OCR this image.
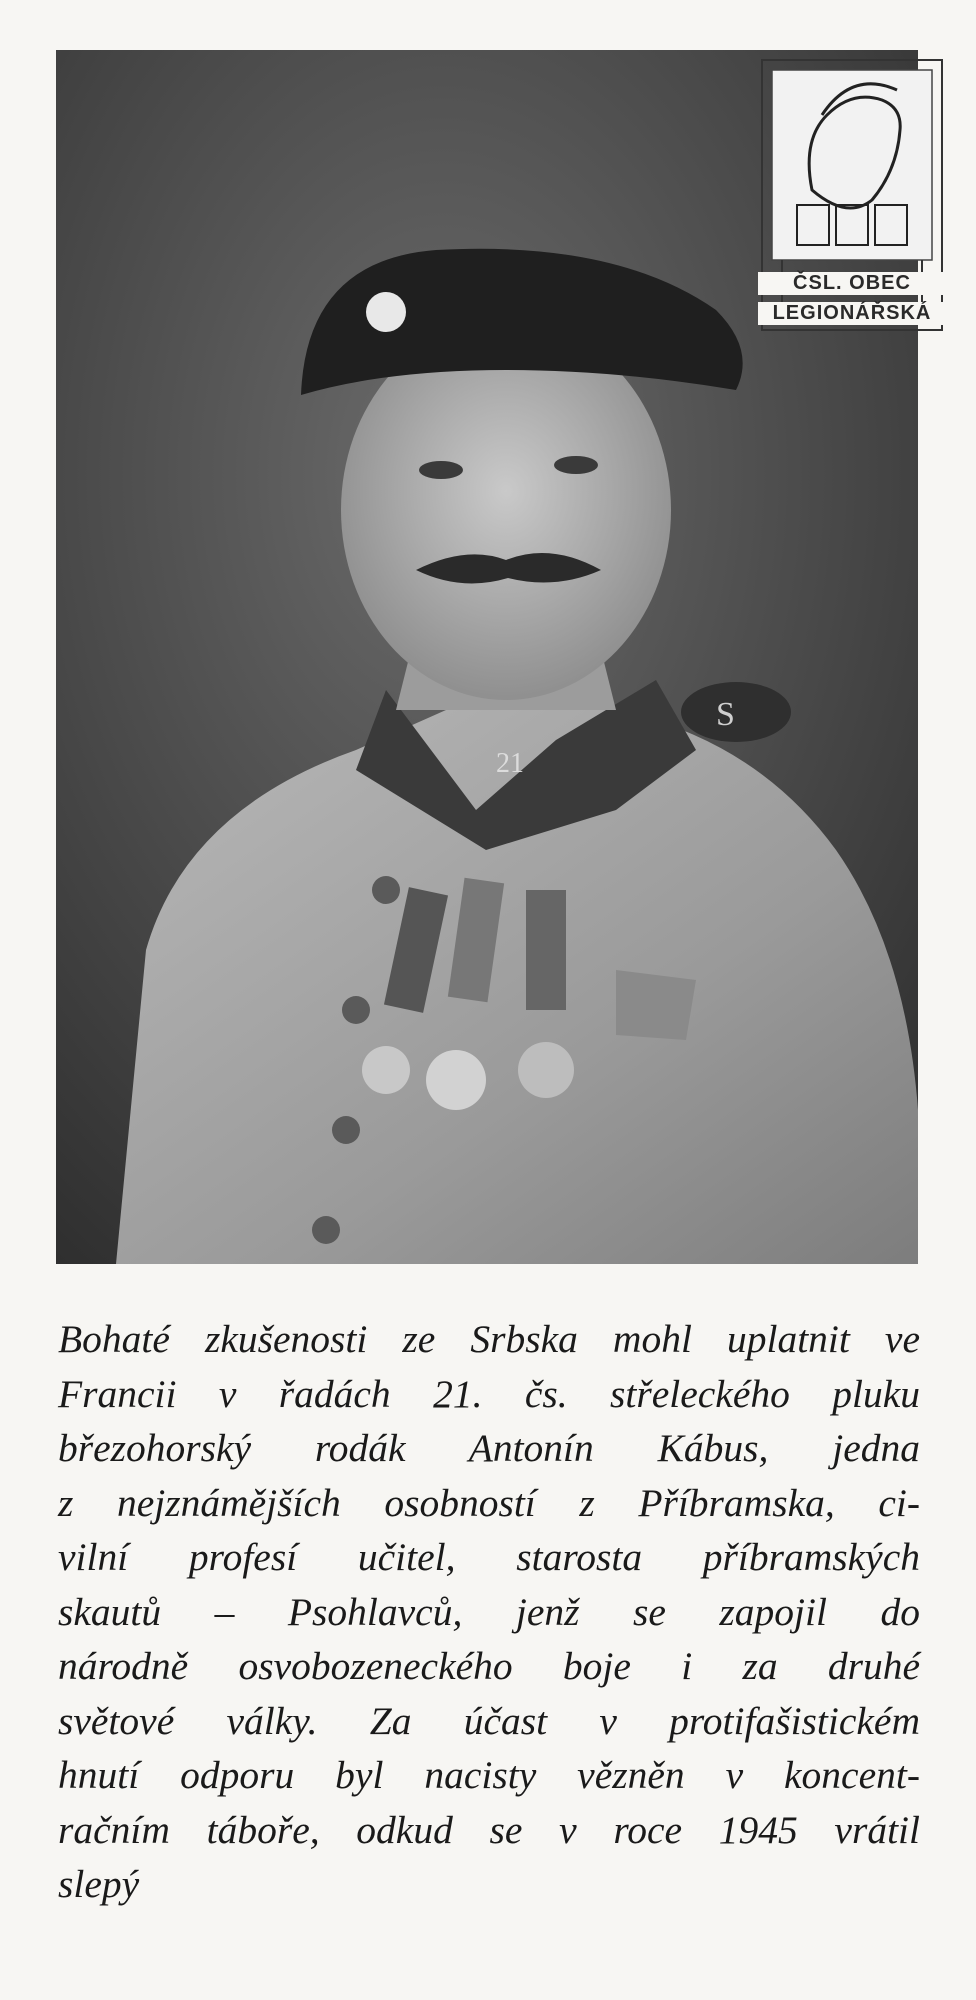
21
S
ČSL. OBEC
LEGIONÁŘSKÁ
Bohaté zkušenosti ze Srbska mohl uplatnit ve
Francii v řadách 21. čs. střeleckého pluku
březohorský rodák Antonín Kábus, jedna
z nejznámějších osobností z Příbramska, ci-
vilní profesí učitel, starosta příbramských
skautů – Psohlavců, jenž se zapojil do
národně osvobozeneckého boje i za druhé
světové války. Za účast v protifašistickém
hnutí odporu byl nacisty vězněn v koncent-
račním táboře, odkud se v roce 1945 vrátil
slepý
